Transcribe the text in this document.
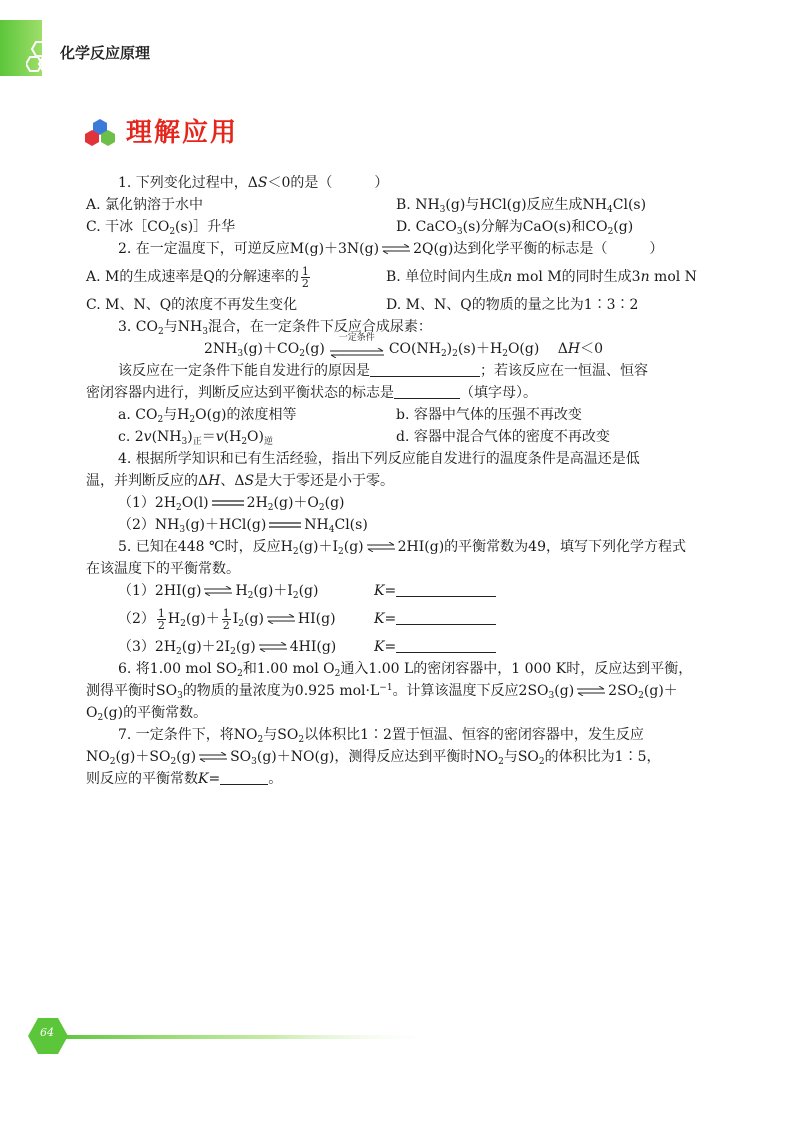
化学反应原理
理解应用
1. 下列变化过程中，ΔS＜0的是（　　　）
A. 氯化钠溶于水中	B. $NH_3(g)$与HCl(g)反应生成$NH_4Cl(s)$
C. 干冰$[CO_2(s)]$升华	D. CaCO$_3$(s)分解为CaO(s)和$CO_2(g)$
2. 在一定温度下，可逆反应M(g)＋3N(g) ⇌ 2Q(g)达到化学平衡的标志是（　　　）
A. M的生成速率是Q的分解速率的 $\frac{1}{2}$	B. 单位时间内生成n mol M的同时生成3n mol N
C. M、N、Q的浓度不再发生变化	D. M、N、Q的物质的量之比为1∶3∶2
3. $CO_2$与$NH_3$混合，在一定条件下反应合成尿素：
$2NH_3(g)+CO_2(g)$
一定条件
$CO(NH_2)_2(s)+H_2O(g)$　 ΔH＜0
该反应在一定条件下能自发进行的原因是	；若该反应在一恒温、恒容
密闭容器内进行，判断反应达到平衡状态的标志是	（填字母）。
a. $CO_2$与$H_2O(g)$的浓度相等	b. 容器中气体的压强不再改变
c. $2v(NH_3)_正=v(H_2O)_逆$	d. 容器中混合气体的密度不再改变
4. 根据所学知识和已有生活经验，指出下列反应能自发进行的温度条件是高温还是低
温，并判断反应的ΔH、ΔS是大于零还是小于零。
$(1)2H_2O(l)$	$2H_2(g)+O_2(g)$
$(2)NH_3(g)+HCl(g)$	$NH_4Cl(s)$
5. 已知在448 ℃时，反应$H_2(g)+I_2(g)$ ⇌ 2HI(g)的平衡常数为49，填写下列化学方程式
在该温度下的平衡常数。
（1）2HI(g) ⇌ $H_2(g)+I_2(g)$	K=
$(2) \frac{1}{2} H_2(g)+ \frac{1}{2} I_2(g)$ ⇌ HI(g)	K=
$(3)2H_2(g)+2I_2(g)$ ⇌ 4HI(g)	K=
6. 将1.00 mol $SO_2$和1.00 mol $O_2$通入1.00 L的密闭容器中，1 000 K时，反应达到平衡，
测得平衡时$SO_3$的物质的量浓度为0.925 $mol\cdot L^{-1}$。计算该温度下反应$2SO_3(g)$ ⇌ $2SO_2(g)+$
$O_2(g)$的平衡常数。
7. 一定条件下，将$NO_2$与$SO_2$以体积比1∶2置于恒温、恒容的密闭容器中，发生反应
$NO_2(g)+SO_2(g)$ ⇌ $SO_3(g)+NO(g)$，测得反应达到平衡时$NO_2$与$SO_2$的体积比为1∶5，
则反应的平衡常数K=	。
64
